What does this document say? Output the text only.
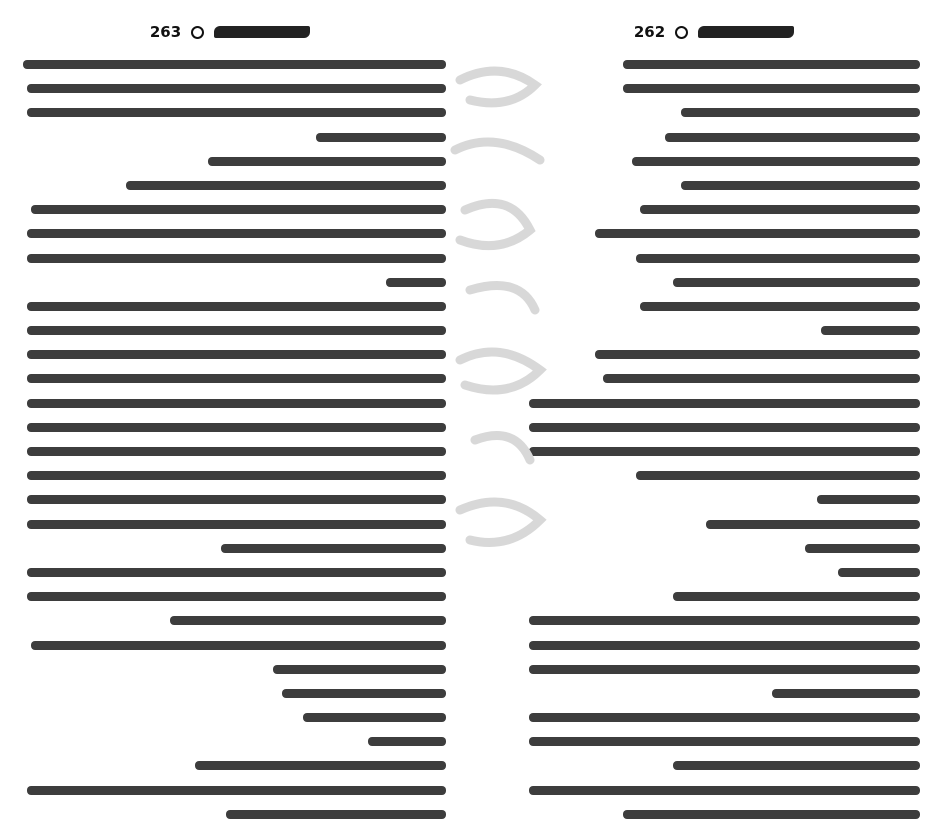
263	262
